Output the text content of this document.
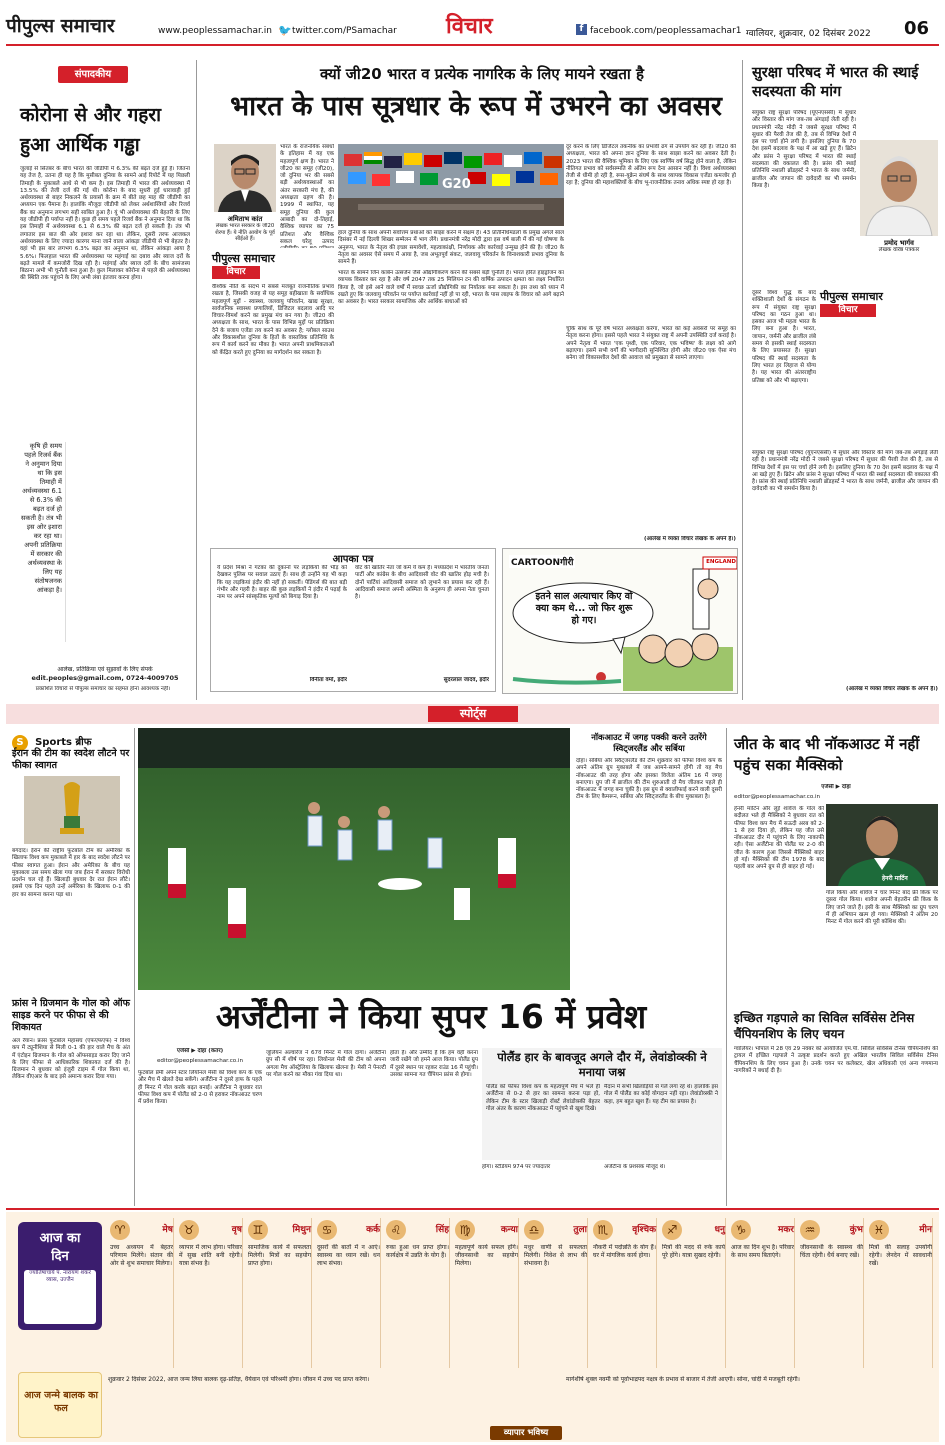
पीपुल्स समाचार	www.peoplessamachar.in 🐦 twitter.com/PSamachar विचार	f facebook.com/peoplessamachar1 ग्वालियर, शुक्रवार, 02 दिसंबर 2022 06
संपादकीय
कोरोना से और गहरा हुआ आर्थिक गड्ढा
जुलाई से सितंबर के बीच भारत की जीडीपी में 6.3% की बढ़त दर्ज हुई है। जितना यह तेज है, उतना ही यह है कि मुसीबत दुनिया के सामने आई रिपोर्ट में यह पिछली तिमाही के मुकाबले आधे से भी कम है। इस तिमाही में भारत की अर्थव्यवस्था में 13.5% की तेजी दर्ज की गई थी। कोरोना के बाद सुधरी हुई धारावाही हुई अर्थव्यवस्था से बाहर निकलने के प्रयासों के क्रम में बीते छह माह की जीडीपी का अध्ययन एक पैमाना है। हालांकि मौजूदा जीडीपी को लेकर अर्थशास्त्रियों और रिजर्व बैंक का अनुमान लगभग सही साबित हुआ है। यूं भी अर्थव्यवस्था की बेहतरी के लिए यह जीडीपी ही पर्याप्त नहीं है। कुछ ही समय पहले रिजर्व बैंक ने अनुमान दिया था कि इस तिमाही में अर्थव्यवस्था 6.1 से 6.3% की बढ़त दर्ज हो सकती है। तंत्र भी लगातार इस बात की ओर इशारा कर रहा था। लेकिन, दूसरी तरफ आजकल अर्थव्यवस्था के लिए ज्यादा कारगर माना जाने वाला आंकड़ा जीडीपी से भी बेहतर है। वहां भी इस बार लगभग 6.3% बढ़त का अनुमान था, लेकिन आंकड़ा आया है 5.6%। फिलहाल भारत की अर्थव्यवस्था पर महंगाई का दबाव और ब्याज दरों के बढ़ते मामले में कमजोरी दिख रही है। महंगाई और ब्याज दरों के बीच सामंजस्य बिठाना अभी भी चुनौती बना हुआ है। कुल मिलाकर कोरोना से पहले की अर्थव्यवस्था की स्थिति तक पहुंचने के लिए अभी लंबा इंतजार करना होगा।
कृषि ही समय पहले रिजर्व बैंक ने अनुमान दिया था कि इस तिमाही में अर्थव्यवस्था 6.1 से 6.3% की बढ़त दर्ज हो सकती है। तंत्र भी इस ओर इशारा कर रहा था। अपनी प्रतिक्रिया में सरकार की अर्थव्यवस्था के लिए यह संतोषजनक आंकड़ा है।
आलेख, प्रतिक्रिया एवं सुझावों के लिए संपर्क
edit.peoples@gmail.com, 0724-4009705
प्रकाशित विचारों से पीपुल्स समाचार का सहमत होना आवश्यक नहीं।
क्यों जी20 भारत व प्रत्येक नागरिक के लिए मायने रखता है
भारत के पास सूत्रधार के रूप में उभरने का अवसर
अमिताभ कांत
लेखक भारत सरकार के जी20 शेरपा हैं। ये नीति आयोग के पूर्व सीईओ हैं।
पीपुल्स समाचार
विचार
भारत के राजनयिक संबंधों के इतिहास में यह एक महत्वपूर्ण क्षण है। भारत ने जी20 का समूह (जी20), जो दुनिया भर की सबसे बड़ी अर्थव्यवस्थाओं का अंतर सरकारी मंच है, की अध्यक्षता ग्रहण की है। 1999 में स्थापित, यह समूह दुनिया की कुल आबादी का दो-तिहाई, वैश्विक व्यापार का 75 प्रतिशत और वैश्विक सकल घरेलू उत्पाद
वैश्विक नीति के संदर्भ में सबसे मजबूत राजनीतिक प्रभाव रखता है, जिसकी वजह से यह समूह बहीखाता के सर्वाधिक महत्वपूर्ण मुद्दों - स्वास्थ्य, जलवायु परिवर्तन, खाद्य सुरक्षा, सार्वजनिक स्वास्थ्य प्रणालियों, डिजिटल बदलाव आदि पर विचार-विमर्श करने का प्रमुख मंच बन गया है। जी20 की अध्यक्षता के साथ, भारत के पास विभिन्न मुद्दों पर प्रतिक्रिया देने के बजाय एजेंडा तय करने का अवसर है; ग्लोबल साउथ और विकासशील दुनिया के हितों के वास्तविक प्रतिनिधि के रूप में कार्य करने का मौका है। भारत अपनी प्राथमिकताओं को केंद्रित करते हुए दुनिया का मार्गदर्शन कर सकता है।
G20
हाल दुनिया के साथ अपनी सर्वोत्तम प्रथाओं को साझा करने में सक्षम है। 43 प्रतिनिधिमंडलों के प्रमुख अगले साल दिसंबर में नई दिल्ली शिखर सम्मेलन में भाग लेंगे। प्रधानमंत्री नरेंद्र मोदी द्वारा इस वर्ष बाली में की गई घोषणा के अनुरूप, भारत के नेतृत्व की इच्छा समावेशी, महत्वाकांक्षी, निर्णायक और कार्रवाई उन्मुख होने की है। जी20 के नेतृत्व का अवसर ऐसे समय में आया है, जब अभूतपूर्व संकट, जलवायु परिवर्तन के विनाशकारी प्रभाव दुनिया के सामने हैं।
भारत के सामने जिन कार्बन उत्सर्जन जैसे औद्योगीकरण करने की सबसे बड़ी चुनौती है। भारत हरित हाइड्रोजन का व्यापक विस्तार कर रहा है और वर्ष 2047 तक 25 मिलियन टन की वार्षिक उत्पादन क्षमता का लक्ष्य निर्धारित किया है, जो इसे आने वाले वर्षों में स्वच्छ ऊर्जा प्रौद्योगिकी का निर्यातक बना सकता है। इस तथ्य को ध्यान में रखते हुए कि जलवायु परिवर्तन पर पर्याप्त कार्रवाई नहीं हो पा रही, भारत के पास लाइफ के विचार को आगे बढ़ाने का अवसर है। भारत सरकार सामाजिक और आर्थिक बाधाओं को
दूर करने के लिए डिजिटल तकनीक का प्रभावी ढंग से उपयोग कर रही है। जी20 की अध्यक्षता, भारत को अपना ज्ञान दुनिया के साथ साझा करने का अवसर देती है। 2023 भारत की वैश्विक भूमिका के लिए एक स्वर्णिम वर्ष सिद्ध होने वाला है, लेकिन नीतिगत प्रभाव को सर्वसम्मति से अंतिम रूप देना आसान नहीं है। विश्व अर्थव्यवस्था तेजी से धीमी हो रही है, रूस-यूक्रेन संघर्ष के साथ व्यापक विकास एजेंडा कमजोर हो रहा है; दुनिया की महाशक्तियों के बीच भू-राजनीतिक तनाव अधिक स्पष्ट हो रहा है।
चूंकि साथ के पूरे वर्ष भारत अध्यक्षता करेगा, भारत को कई अवसरों पर समूह का नेतृत्व करना होगा। इससे पहले भारत ने संयुक्त राष्ट्र में अपनी उपस्थिति दर्ज कराई है। अपने नेतृत्व में भारत 'एक पृथ्वी, एक परिवार, एक भविष्य' के लक्ष्य को आगे बढ़ाएगा। इसमें सभी वर्गों की भागीदारी सुनिश्चित होगी और जी20 एक ऐसा मंच बनेगा जो विकासशील देशों की आवाज को प्रमुखता से सामने लाएगा।
(आलेख में व्यक्त विचार लेखक के अपने हैं।)
आपका पत्र
ये प्रदेश मिश्रा ने गटका की दुकानों पर लड़कियों की भीड़ को देखकर पुलिस पर सवाल उठाए हैं। साथ ही उन्होंने यह भी कहा कि यह लड़कियां इंदौर की नहीं हो सकतीं। पेडिंगर्स की बात बड़ी गंभीर और गहरी है। बाहर की कुछ लड़कियों ने इंदौर में पढ़ाई के नाम पर अपने सांस्कृतिक मूल्यों को बिगाड़ दिया है।
विनीता वर्मा, इंदौर
वोट की खातिर नेता जो कर्म ये कम है। मध्यप्रदेश में भारतीय जनता पार्टी और कांग्रेस के बीच आदिवासी वोट की खातिर होड़ मची है। दोनों पार्टियां आदिवासी समाज को लुभाने का प्रयास कर रही हैं। आदिवासी समाज अपनी अस्मिता के अनुरूप ही अपना नेता चुनता है।
सुंदरलाल जादव, इंदौर
CARTOONगीरी
इतने साल अत्याचार किए वो क्या कम थे... जो फिर शुरू हो गए।
ENGLAND
सुरक्षा परिषद में भारत की स्थाई सदस्यता की मांग
संयुक्त राष्ट्र सुरक्षा परिषद (यूएनएससी) में सुधार और विस्तार की मांग जब-तब अंगड़ाई लेती रही है। प्रधानमंत्री नरेंद्र मोदी ने जबसे सुरक्षा परिषद में सुधार की पैरवी तेज की है, तब से विभिन्न देशों में इस पर चर्चा होने लगी है। इसलिए दुनिया के 70 देश इसमें बदलाव के पक्ष में आ खड़े हुए हैं। ब्रिटेन और फ्रांस ने सुरक्षा परिषद में भारत की स्थाई सदस्यता की वकालत की है। फ्रांस की स्थाई प्रतिनिधि नथाली ब्रॉडहर्स्ट ने भारत के साथ जर्मनी, ब्राजील और जापान की दावेदारी का भी समर्थन किया है।
प्रमोद भार्गव
लेखक वरिष्ठ पत्रकार
पीपुल्स समाचार
विचार
दूसरे विश्व युद्ध के बाद शक्तिशाली देशों के संगठन के रूप में संयुक्त राष्ट्र सुरक्षा परिषद का गठन हुआ था। इसका आज भी महत्व भारत के लिए बना हुआ है। भारत, जापान, जर्मनी और ब्राजील लंबे समय से इसकी स्थाई सदस्यता के लिए प्रयासरत हैं। सुरक्षा परिषद की स्थाई सदस्यता के लिए भारत हर लिहाज से योग्य है। यह भारत की अंतरराष्ट्रीय प्रतिष्ठा को और भी बढ़ाएगा।
संयुक्त राष्ट्र सुरक्षा परिषद (यूएनएससी) में सुधार और विस्तार की मांग जब-तब अंगड़ाई लेती रही है। प्रधानमंत्री नरेंद्र मोदी ने जबसे सुरक्षा परिषद में सुधार की पैरवी तेज की है, तब से विभिन्न देशों में इस पर चर्चा होने लगी है। इसलिए दुनिया के 70 देश इसमें बदलाव के पक्ष में आ खड़े हुए हैं। ब्रिटेन और फ्रांस ने सुरक्षा परिषद में भारत की स्थाई सदस्यता की वकालत की है। फ्रांस की स्थाई प्रतिनिधि नथाली ब्रॉडहर्स्ट ने भारत के साथ जर्मनी, ब्राजील और जापान की दावेदारी का भी समर्थन किया है।
(आलेख में व्यक्त विचार लेखक के अपने हैं।)
स्पोर्ट्स
S Sports ब्रीफ
ईरान की टीम का स्वदेश लौटने पर फीका स्वागत
बगदाद। ईरान की राष्ट्रीय फुटबॉल टीम का अमेरिका के खिलाफ विश्व कप मुकाबले में हार के बाद स्वदेश लौटने पर फीका स्वागत हुआ। ईरान और अमेरिका के बीच यह मुकाबला उस समय खेला गया जब ईरान में सरकार विरोधी प्रदर्शन चल रहे हैं। खिलाड़ी बुधवार देर रात ईरान लौटे। इससे एक दिन पहले उन्हें अमेरिका के खिलाफ 0-1 की हार का सामना करना पड़ा था।
फ्रांस ने ग्रिजमान के गोल को ऑफ साइड करने पर फीफा से की शिकायत
अल रेयान। फ्रांस फुटबॉल महासंघ (एफएफएफ) ने विश्व कप में ट्यूनीशिया से मिली 0-1 की हार वाले मैच के अंत में एंटोइन ग्रिजमान के गोल को ऑफसाइड करार दिए जाने के लिए फीफा से आधिकारिक शिकायत दर्ज की है। ग्रिजमान ने बुधवार को इंजुरी टाइम में गोल किया था, लेकिन वीएआर के बाद इसे अमान्य करार दिया गया।
नॉकआउट में जगह पक्की करने उतरेंगे स्विट्जरलैंड और सर्बिया
दोहा। सर्बिया और स्विट्जरलैंड की टीम शुक्रवार को फीफा विश्व कप के अपने अंतिम ग्रुप मुकाबले में जब आमने-सामने होंगी तो यह मैच नॉकआउट की तरह होगा और इसका विजेता अंतिम 16 में जगह बनाएगा। ग्रुप जी में ब्राजील की टीम शुरुआती दो मैच जीतकर पहले ही नॉकआउट में जगह बना चुकी है। इस ग्रुप से क्वालीफाई करने वाली दूसरी टीम के लिए कैमरून, सर्बिया और स्विट्जरलैंड के बीच मुकाबला है।
अर्जेंटीना ने किया सुपर 16 में प्रवेश
एजेंसी ▶ दोहा (कतर)
editor@peoplessamachar.co.in
फुटबॉल प्रेमी अपने स्टार लियोनल मेसी को विश्व कप के एक और मैच में खेलते देख सकेंगे। अर्जेंटीना ने दूसरे हाफ के पहले ही मिनट में गोल करके बढ़त बनाई। अर्जेंटीना ने बुधवार रात फीफा विश्व कप में पोलैंड को 2-0 से हराकर नॉकआउट चरण में प्रवेश किया।
जूलियन अल्वारेज ने 67वें मिनट में गोल दागा। अर्जेंटीना ग्रुप सी में शीर्ष पर रहा। लियोनल मेसी की टीम को अपना अगला मैच ऑस्ट्रेलिया के खिलाफ खेलना है। मेसी ने पेनल्टी पर गोल करने का मौका गंवा दिया था।
होता है। और उम्मीद है कि हम वहीं करना जारी रखेंगे जो हमने आज किया। पोलैंड ग्रुप में दूसरे स्थान पर रहकर राउंड 16 में पहुंची। उसका सामना गत चैंपियन फ्रांस से होगा।
पोलैंड हार के बावजूद अगले दौर में, लेवांडोव्स्की ने मनाया जश्न
पोलैंड को फीफा विश्व कप के महत्वपूर्ण मैच में भले ही अर्जेंटीना से 0-2 से हार का सामना करना पड़ा हो, लेकिन टीम के स्टार खिलाड़ी रॉबर्ट लेवांडोव्स्की बेहतर गोल अंतर के कारण नॉकआउट में पहुंचने से खुश दिखे।
मैदान में सभी खिलाड़ियों से गले लगा रहे थे। हालांकि इस गोल में पोलैंड का कोई योगदान नहीं रहा। लेवांडोव्स्की ने कहा, हम बहुत खुश हैं। यह टीम का प्रयास है।
होगा। स्टेडियम 974 पर ज्यादातर	अर्जेंटीना के प्रशंसक मौजूद थे।
जीत के बाद भी नॉकआउट में नहीं पहुंच सका मैक्सिको
एजेंसी ▶ दोहा
editor@peoplessamachar.co.in
हेनरी मार्टिन और लुई शावेज के गोल की बदौलत भले ही मैक्सिको ने बुधवार रात को फीफा विश्व कप मैच में सऊदी अरब को 2-1 से हरा दिया हो, लेकिन यह जीत उसे नॉकआउट दौर में पहुंचाने के लिए नाकाफी रही। ऐसा अर्जेंटीना की पोलैंड पर 2-0 की जीत के कारण हुआ जिससे मैक्सिको बाहर हो गई। मैक्सिको की टीम 1978 के बाद पहली बार अपने ग्रुप से ही बाहर हो गई।
हेनरी मार्टिन
गोल किया और शावेज ने चार मिनट बाद फ्री किक पर दूसरा गोल किया। शावेज अपनी बेहतरीन फ्री किक के लिए जाने जाते हैं। इसी के साथ मैक्सिको का ग्रुप चरण में ही अभियान खत्म हो गया। मेक्सिको ने अंतिम 20 मिनट में गोल करने की पूरी कोशिश की।
इच्छित गड़पाले का सिविल सर्विसेस टेनिस चैंपियनशिप के लिए चयन
ग्वालियर। भोपाल में 28 एवं 29 नवंबर को आयोजित एम.पी. सिविल सर्विसेस टेनिस चैंपियनशिप की ट्रायल में इच्छित गड़पाले ने उत्कृष्ट प्रदर्शन करते हुए अखिल भारतीय सिविल सर्विसेस टेनिस चैंपियनशिप के लिए चयन हुआ है। उनके चयन पर कलेक्टर, खेल अधिकारी एवं अन्य गणमान्य नागरिकों ने बधाई दी है।
आज का
दिन
ज्योतिषाचार्य पं. नारायण शंकर व्यास, उज्जैन
♈	मेष
उच्च अध्ययन में बेहतर परिणाम मिलेंगे। संतान की ओर से शुभ समाचार मिलेगा।
♉	वृष
व्यापार में लाभ होगा। परिवार में सुख शांति बनी रहेगी। यात्रा संभव है।
♊	मिथुन
सामाजिक कार्य में सफलता मिलेगी। मित्रों का सहयोग प्राप्त होगा।
♋	कर्क
दूसरों की बातों में न आएं। स्वास्थ्य का ध्यान रखें। धन लाभ संभव।
♌	सिंह
रुका हुआ धन प्राप्त होगा। कार्यक्षेत्र में उन्नति के योग हैं।
♍	कन्या
महत्वपूर्ण कार्य सफल होंगे। जीवनसाथी का सहयोग मिलेगा।
♎	तुला
मधुर वाणी से सफलता मिलेगी। निवेश से लाभ की संभावना है।
♏	वृश्चिक
नौकरी में पदोन्नति के योग हैं। घर में मांगलिक कार्य होगा।
♐	धनु
मित्रों की मदद से रुके कार्य पूरे होंगे। यात्रा सुखद रहेगी।
♑	मकर
आज का दिन शुभ है। परिवार के साथ समय बिताएंगे।
♒	कुंभ
जीवनसाथी के स्वास्थ्य की चिंता रहेगी। धैर्य बनाए रखें।
♓	मीन
मित्रों की सलाह उपयोगी रहेगी। लेनदेन में सावधानी रखें।
आज जन्मे बालक का फल
शुक्रवार 2 दिसंबर 2022, आज जन्म लिया बालक दृढ़-प्रतिज्ञ, धैर्यवान एवं परिश्रमी होगा। जीवन में उच्च पद प्राप्त करेगा।
व्यापार भविष्य
मार्गशीर्ष शुक्ल नवमी को पूर्वाभाद्रपद नक्षत्र के प्रभाव से बाजार में तेजी आएगी। सोना, चांदी में मजबूती रहेगी।
